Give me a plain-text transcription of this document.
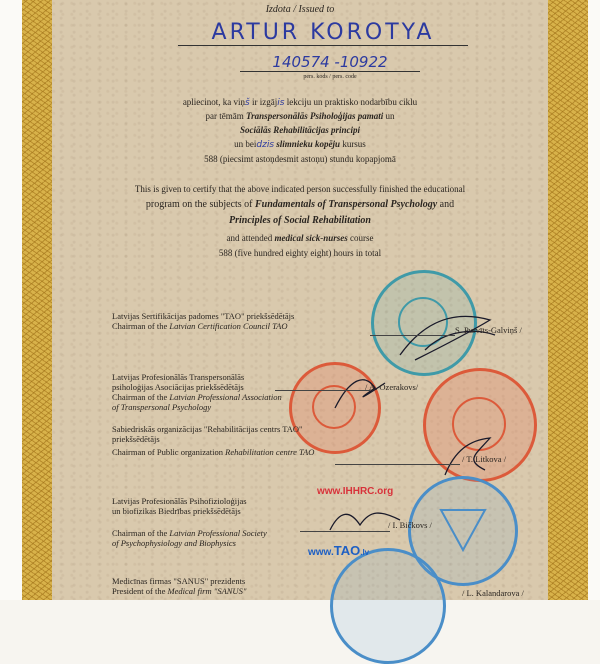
Izdota / Issued to
ARTUR KOROTYA
140574 -10922
pers. kods / pers. code
apliecinot, ka viņš ir izgājis lekciju un praktisko nodarbību ciklu
par tēmām Transpersonālās Psiholoģijas pamati un
Sociālās Rehabilitācijas principi
un beidzis slimnieku kopēju kursus
588 (piecsimt astoņdesmit astoņu) stundu kopapjomā
This is given to certify that the above indicated person successfully finished the educational
program on the subjects of Fundamentals of Transpersonal Psychology and
Principles of Social Rehabilitation
and attended medical sick-nurses course
588 (five hundred eighty eight) hours in total
Latvijas Sertifikācijas padomes "TAO" priekšsēdētājs
Chairman of the Latvian Certification Council TAO	S. Purvīts-Galviņš /
Latvijas Profesionālās Transpersonālās
psiholoģijas Asociācijas priekšsēdētājs
Chairman of the Latvian Professional Association
of Transpersonal Psychology
/ A. Ozerakovs/
Sabiedriskās organizācijas "Rehabilitācijas centrs TAO"
priekšsēdētājs
Chairman of Public organization Rehabilitation centre TAO
/ T. Litkova /
www.IHHRC.org
www.TAO.lv
Latvijas Profesionālās Psihofizioloģijas
un biofizikas Biedrības priekšsēdētājs
Chairman of the Latvian Professional Society
of Psychophysiology and Biophysics
/ I. Bičkovs /
Medicīnas firmas "SANUS" prezidents
President of the Medical firm "SANUS"	/ L. Kalandarova /
